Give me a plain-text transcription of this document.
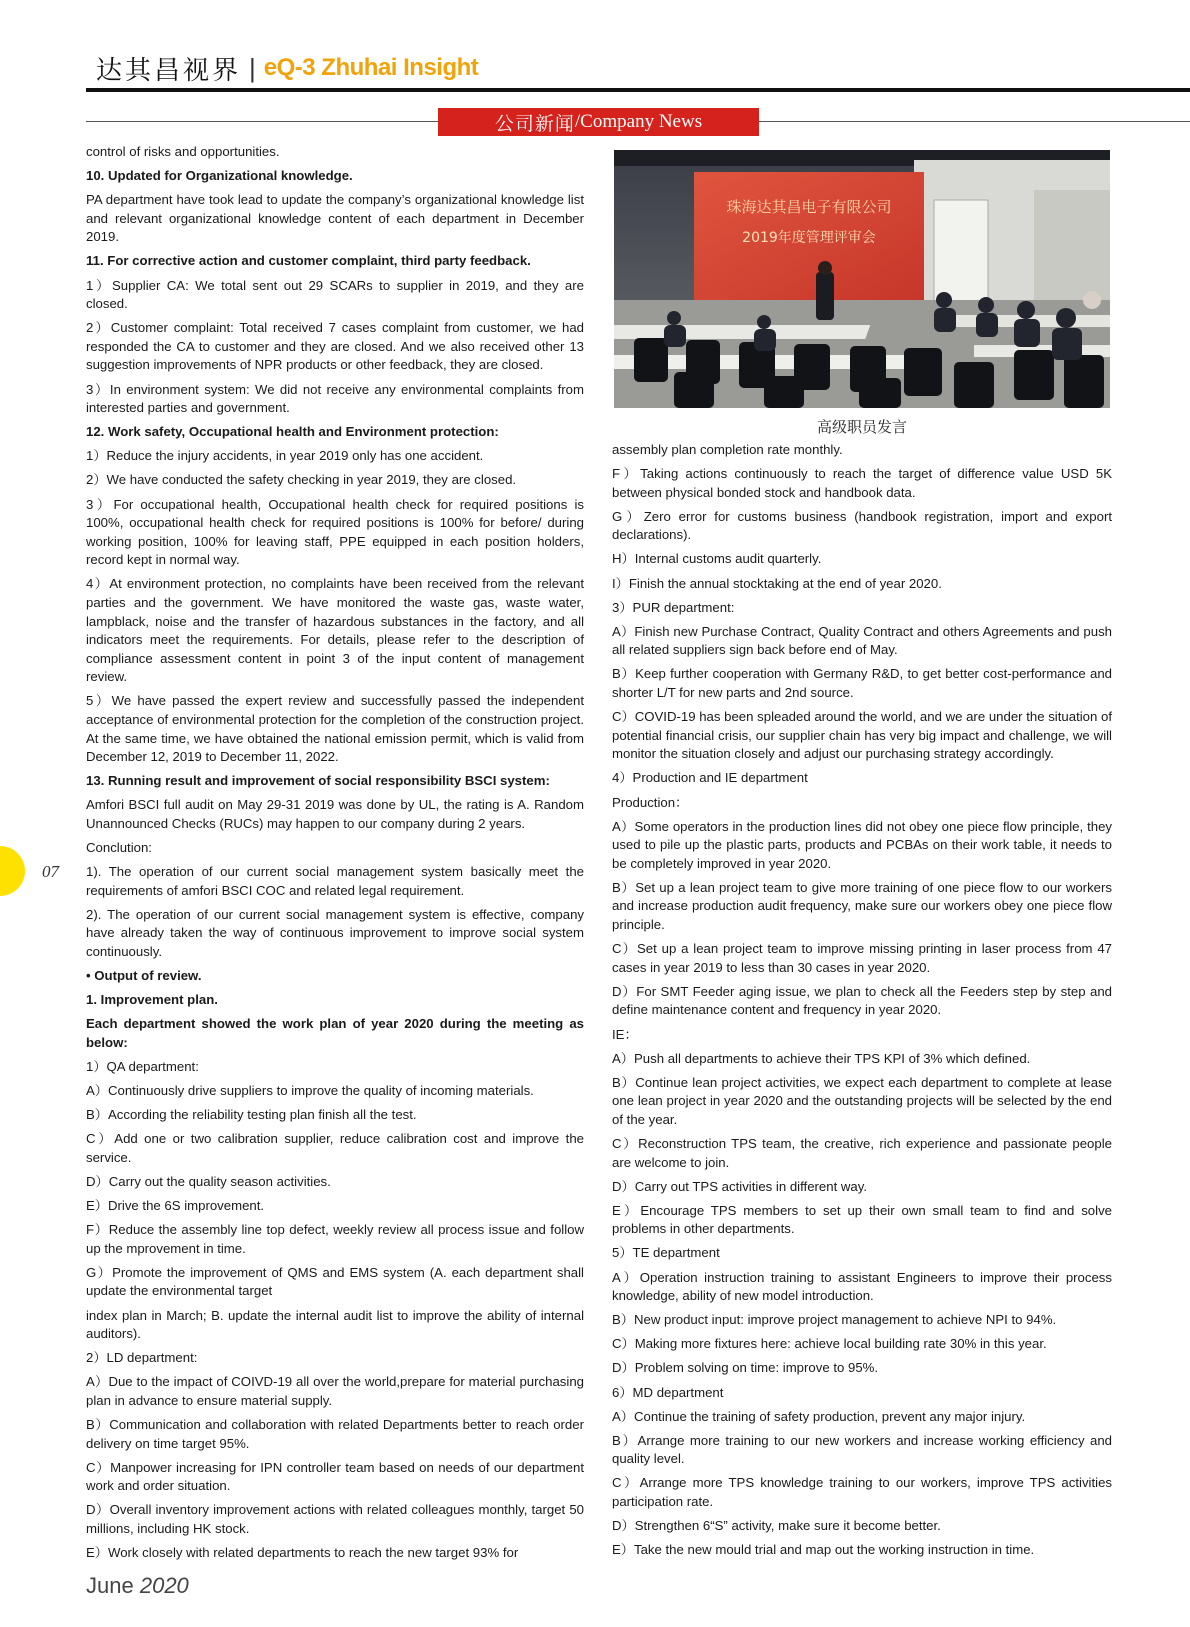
达其昌视界 | eQ-3 Zhuhai Insight
公司新闻 /Company News

control of risks and opportunities.

10. Updated for Organizational knowledge.

PA department have took lead to update the company’s organizational knowledge list and relevant organizational knowledge content of each department in December 2019.

11. For corrective action and customer complaint, third party feedback.

1）Supplier CA: We total sent out 29 SCARs to supplier in 2019, and they are closed.

2）Customer complaint: Total received 7 cases complaint from customer, we had responded the CA to customer and they are closed. And we also received other 13 suggestion improvements of NPR products or other feedback, they are closed.

3）In environment system: We did not receive any environmental complaints from interested parties and government.

12. Work safety, Occupational health and Environment protection:

1）Reduce the injury accidents, in year 2019 only has one accident.

2）We have conducted the safety checking in year 2019, they are closed.

3）For occupational health, Occupational health check for required positions is 100%, occupational health check for required positions is 100% for before/ during working position, 100% for leaving staff, PPE equipped in each position holders, record kept in normal way.

4）At environment protection, no complaints have been received from the relevant parties and the government. We have monitored the waste gas, waste water, lampblack, noise and the transfer of hazardous substances in the factory, and all indicators meet the requirements. For details, please refer to the description of compliance assessment content in point 3 of the input content of management review.

5）We have passed the expert review and successfully passed the independent acceptance of environmental protection for the completion of the construction project. At the same time, we have obtained the national emission permit, which is valid from December 12, 2019 to December 11, 2022.

13. Running result and improvement of social responsibility BSCI system:

Amfori BSCI full audit on May 29-31 2019 was done by UL, the rating is A. Random Unannounced Checks (RUCs) may happen to our company during 2 years.

Conclution:

1). The operation of our current social management system basically meet the requirements of amfori BSCI COC and related legal requirement.

2). The operation of our current social management system is effective, company have already taken the way of continuous improvement to improve social system continuously.

• Output of review.

1. Improvement plan.

Each department showed the work plan of year 2020 during the meeting as below:

1）QA department:

A）Continuously drive suppliers to improve the quality of incoming materials.

B）According the reliability testing plan finish all the test.

C）Add one or two calibration supplier, reduce calibration cost and improve the service.

D）Carry out the quality season activities.

E）Drive the 6S improvement.

F）Reduce the assembly line top defect, weekly review all process issue and follow up the mprovement in time.

G）Promote the improvement of QMS and EMS system (A. each department shall update the environmental target

index plan in March; B. update the internal audit list to improve the ability of internal auditors).

2）LD department:

A）Due to the impact of COIVD-19 all over the world,prepare for material purchasing plan in advance to ensure material supply.

B）Communication and collaboration with related Departments better to reach order delivery on time target 95%.

C）Manpower increasing for IPN controller team based on needs of our department work and order situation.

D）Overall inventory improvement actions with related colleagues monthly, target 50 millions, including HK stock.

E）Work closely with related departments to reach the new target 93% for

珠海达其昌电子有限公司
2019年度管理评审会
高级职员发言

assembly plan completion rate monthly.

F）Taking actions continuously to reach the target of difference value USD 5K between physical bonded stock and handbook data.

G）Zero error for customs business (handbook registration, import and export declarations).

H）Internal customs audit quarterly.

I）Finish the annual stocktaking at the end of year 2020.

3）PUR department:

A）Finish new Purchase Contract, Quality Contract and others Agreements and push all related suppliers sign back before end of May.

B）Keep further cooperation with Germany R&D, to get better cost-performance and shorter L/T for new parts and 2nd source.

C）COVID-19 has been spleaded around the world, and we are under the situation of potential financial crisis, our supplier chain has very big impact and challenge, we will monitor the situation closely and adjust our purchasing strategy accordingly.

4）Production and IE department

Production：

A）Some operators in the production lines did not obey one piece flow principle, they used to pile up the plastic parts, products and PCBAs on their work table, it needs to be completely improved in year 2020.

B）Set up a lean project team to give more training of one piece flow to our workers and increase production audit frequency, make sure our workers obey one piece flow principle.

C）Set up a lean project team to improve missing printing in laser process from 47 cases in year 2019 to less than 30 cases in year 2020.

D）For SMT Feeder aging issue, we plan to check all the Feeders step by step and define maintenance content and frequency in year 2020.

IE：

A）Push all departments to achieve their TPS KPI of 3% which defined.

B）Continue lean project activities, we expect each department to complete at lease one lean project in year 2020 and the outstanding projects will be selected by the end of the year.

C）Reconstruction TPS team, the creative, rich experience and passionate people are welcome to join.

D）Carry out TPS activities in different way.

E）Encourage TPS members to set up their own small team to find and solve problems in other departments.

5）TE department

A）Operation instruction training to assistant Engineers to improve their process knowledge, ability of new model introduction.

B）New product input: improve project management to achieve NPI to 94%.

C）Making more fixtures here: achieve local building rate 30% in this year.

D）Problem solving on time: improve to 95%.

6）MD department

A）Continue the training of safety production, prevent any major injury.

B）Arrange more training to our new workers and increase working efficiency and quality level.

C）Arrange more TPS knowledge training to our workers, improve TPS activities participation rate.

D）Strengthen 6“S” activity, make sure it become better.

E）Take the new mould trial and map out the working instruction in time.

07
June 2020
